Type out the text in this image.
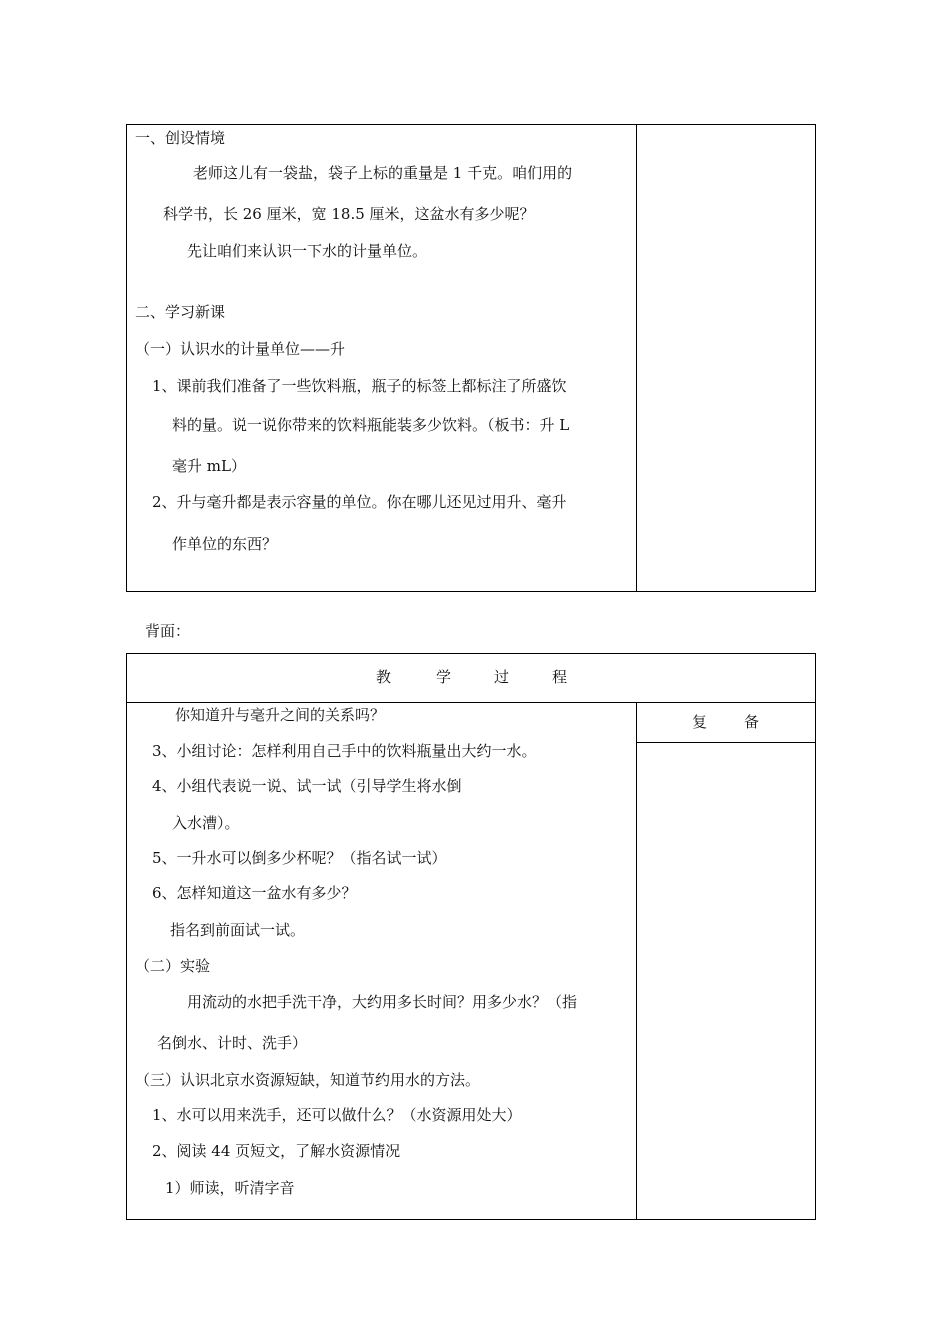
一、创设情境
老师这儿有一袋盐，袋子上标的重量是 1 千克。咱们用的
科学书，长 26 厘米，宽 18.5 厘米，这盆水有多少呢？
先让咱们来认识一下水的计量单位。
二、学习新课
（一）认识水的计量单位——升
1、课前我们准备了一些饮料瓶，瓶子的标签上都标注了所盛饮
料的量。说一说你带来的饮料瓶能装多少饮料。（板书：升 L
毫升 mL）
2、升与毫升都是表示容量的单位。你在哪儿还见过用升、毫升
作单位的东西？
背面：
教	学	过	程
复 备
你知道升与毫升之间的关系吗？
3、小组讨论：怎样利用自己手中的饮料瓶量出大约一水。
4、小组代表说一说、试一试（引导学生将水倒
入水漕）。
5、一升水可以倒多少杯呢？（指名试一试）
6、怎样知道这一盆水有多少？
指名到前面试一试。
（二）实验
用流动的水把手洗干净，大约用多长时间？用多少水？（指
名倒水、计时、洗手）
（三）认识北京水资源短缺，知道节约用水的方法。
1、水可以用来洗手，还可以做什么？（水资源用处大）
2、阅读 44 页短文，了解水资源情况
1）师读，听清字音
